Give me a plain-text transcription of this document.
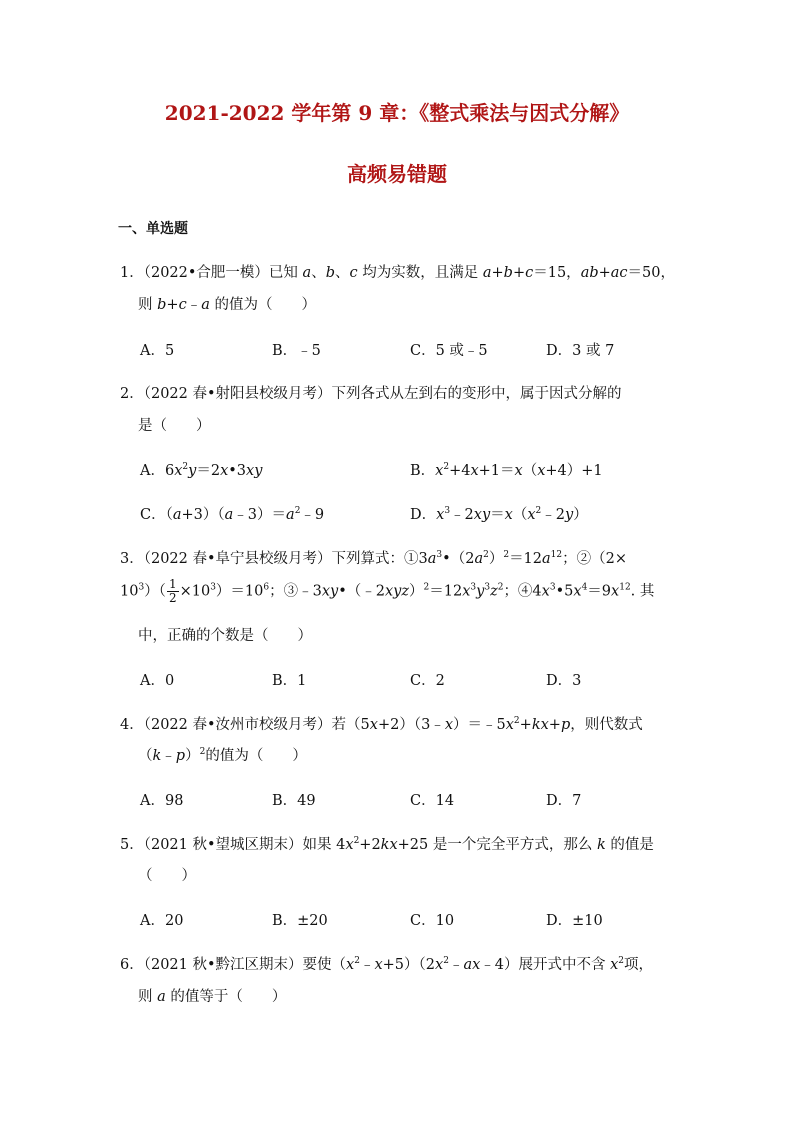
2021-2022 学年第 9 章：《整式乘法与因式分解》
高频易错题
一、单选题
1．（2022•合肥一模）已知 a、b、c 均为实数，且满足 a+b+c＝15，ab+ac＝50，
则 b+c﹣a 的值为（　　）
A．5	B．﹣5	C．5 或﹣5	D．3 或 7
2．（2022 春•射阳县校级月考）下列各式从左到右的变形中，属于因式分解的
是（　　）
A．$6x^2y=2x•3xy$	B．$x^2+4x+1=x(x+4)+1$
C．$(a+3)(a﹣3)=a^2﹣9$	D．$x^3﹣2xy=x(x^2﹣2y)$
3．（2022 春•阜宁县校级月考）下列算式：$①3a^3•(2a^2)^2=12a^{12}$；②（2×
$10^3)( \frac{1}{2} \times 10^3)=10^6$；$③﹣3xy•(﹣2xyz)^2=12x^3y^3z^2$；$④4x^3•5x^4=9x^{12}$. 其
中，正确的个数是（　　）
A．0	B．1	C．2	D．3
4．（2022 春•汝州市校级月考）若$(5x+2)(3﹣x)=﹣5x^2+kx+p$，则代数式
（k﹣p）$^2$的值为（　　）
A．98	B．49	C．14	D．7
5．（2021 秋•望城区期末）如果 $4x^2+2kx+25$ 是一个完全平方式，那么 k 的值是
（　　）
A．20	B．±20	C．10	D．±10
6．（2021 秋•黔江区期末）要使$(x^2﹣x+5)(2x^2﹣ax﹣4)$展开式中不含 $x^2$项，
则 a 的值等于（　　）
